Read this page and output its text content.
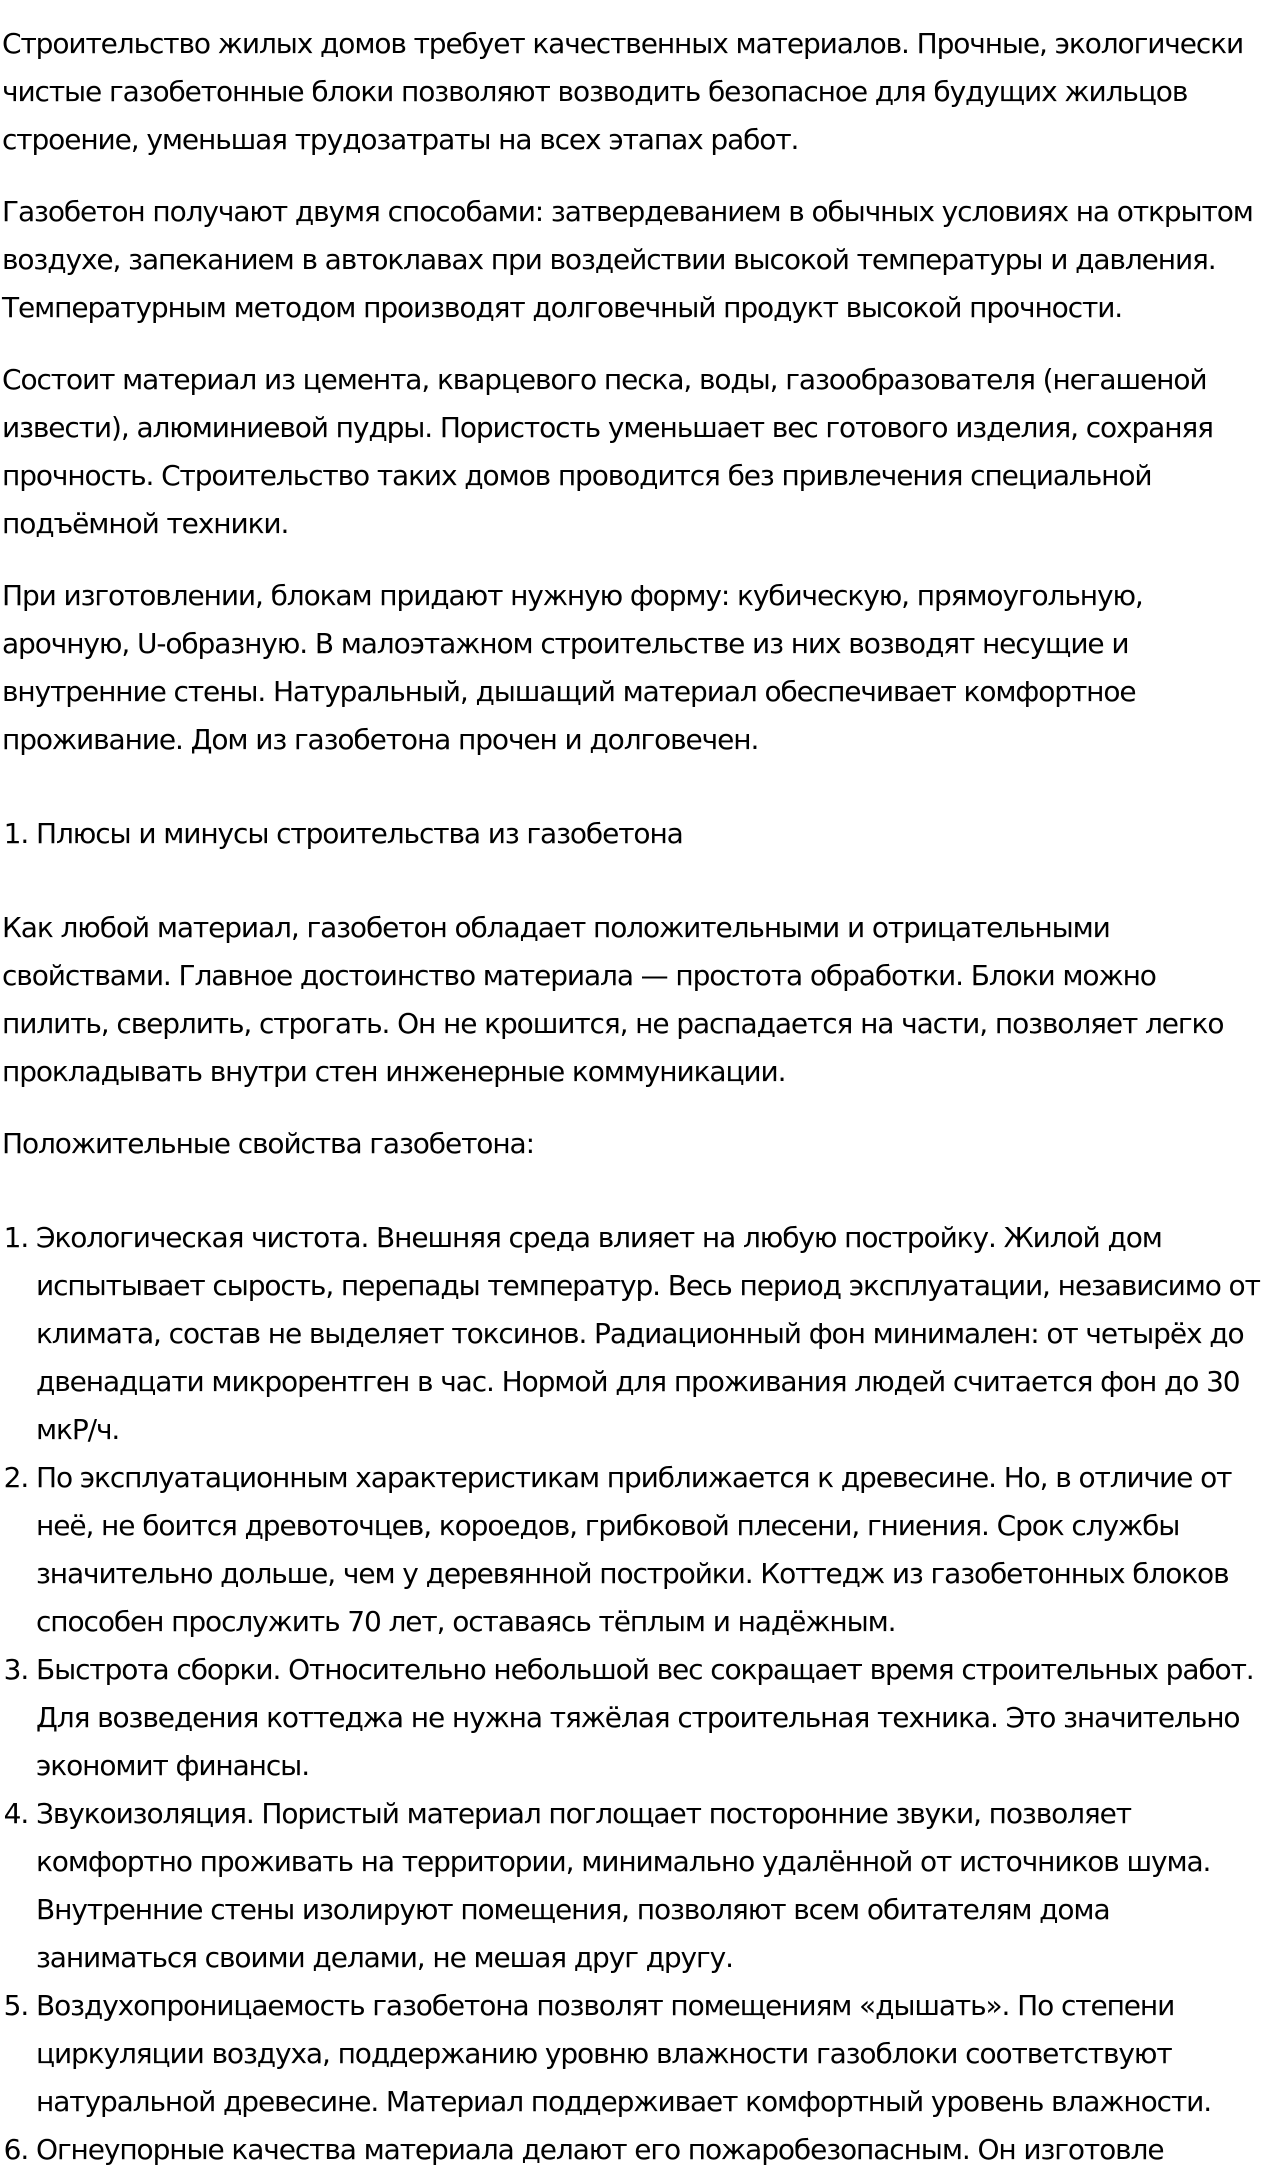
Строительство жилых домов требует качественных материалов. Прочные, экологически чистые газобетонные блоки позволяют возводить безопасное для будущих жильцов строение, уменьшая трудозатраты на всех этапах работ.

Газобетон получают двумя способами: затвердеванием в обычных условиях на открытом воздухе, запеканием в автоклавах при воздействии высокой температуры и давления. Температурным методом производят долговечный продукт высокой прочности.

Состоит материал из цемента, кварцевого песка, воды, газообразователя (негашеной извести), алюминиевой пудры. Пористость уменьшает вес готового изделия, сохраняя прочность. Строительство таких домов проводится без привлечения специальной подъёмной техники.

При изготовлении, блокам придают нужную форму: кубическую, прямоугольную, арочную, U-образную. В малоэтажном строительстве из них возводят несущие и внутренние стены. Натуральный, дышащий материал обеспечивает комфортное проживание. Дом из газобетона прочен и долговечен.

1. Плюсы и минусы строительства из газобетона

Как любой материал, газобетон обладает положительными и отрицательными свойствами. Главное достоинство материала — простота обработки. Блоки можно пилить, сверлить, строгать. Он не крошится, не распадается на части, позволяет легко прокладывать внутри стен инженерные коммуникации.

Положительные свойства газобетона:

1. Экологическая чистота. Внешняя среда влияет на любую постройку. Жилой дом испытывает сырость, перепады температур. Весь период эксплуатации, независимо от климата, состав не выделяет токсинов. Радиационный фон минимален: от четырёх до двенадцати микрорентген в час. Нормой для проживания людей считается фон до 30 мкР/ч.
2. По эксплуатационным характеристикам приближается к древесине. Но, в отличие от неё, не боится древоточцев, короедов, грибковой плесени, гниения. Срок службы значительно дольше, чем у деревянной постройки. Коттедж из газобетонных блоков способен прослужить 70 лет, оставаясь тёплым и надёжным.
3. Быстрота сборки. Относительно небольшой вес сокращает время строительных работ. Для возведения коттеджа не нужна тяжёлая строительная техника. Это значительно экономит финансы.
4. Звукоизоляция. Пористый материал поглощает посторонние звуки, позволяет комфортно проживать на территории, минимально удалённой от источников шума. Внутренние стены изолируют помещения, позволяют всем обитателям дома заниматься своими делами, не мешая друг другу.
5. Воздухопроницаемость газобетона позволят помещениям «дышать». По степени циркуляции воздуха, поддержанию уровню влажности газоблоки соответствуют натуральной древесине. Материал поддерживает комфортный уровень влажности.
6. Огнеупорные качества материала делают его пожаробезопасным. Он изготовле
